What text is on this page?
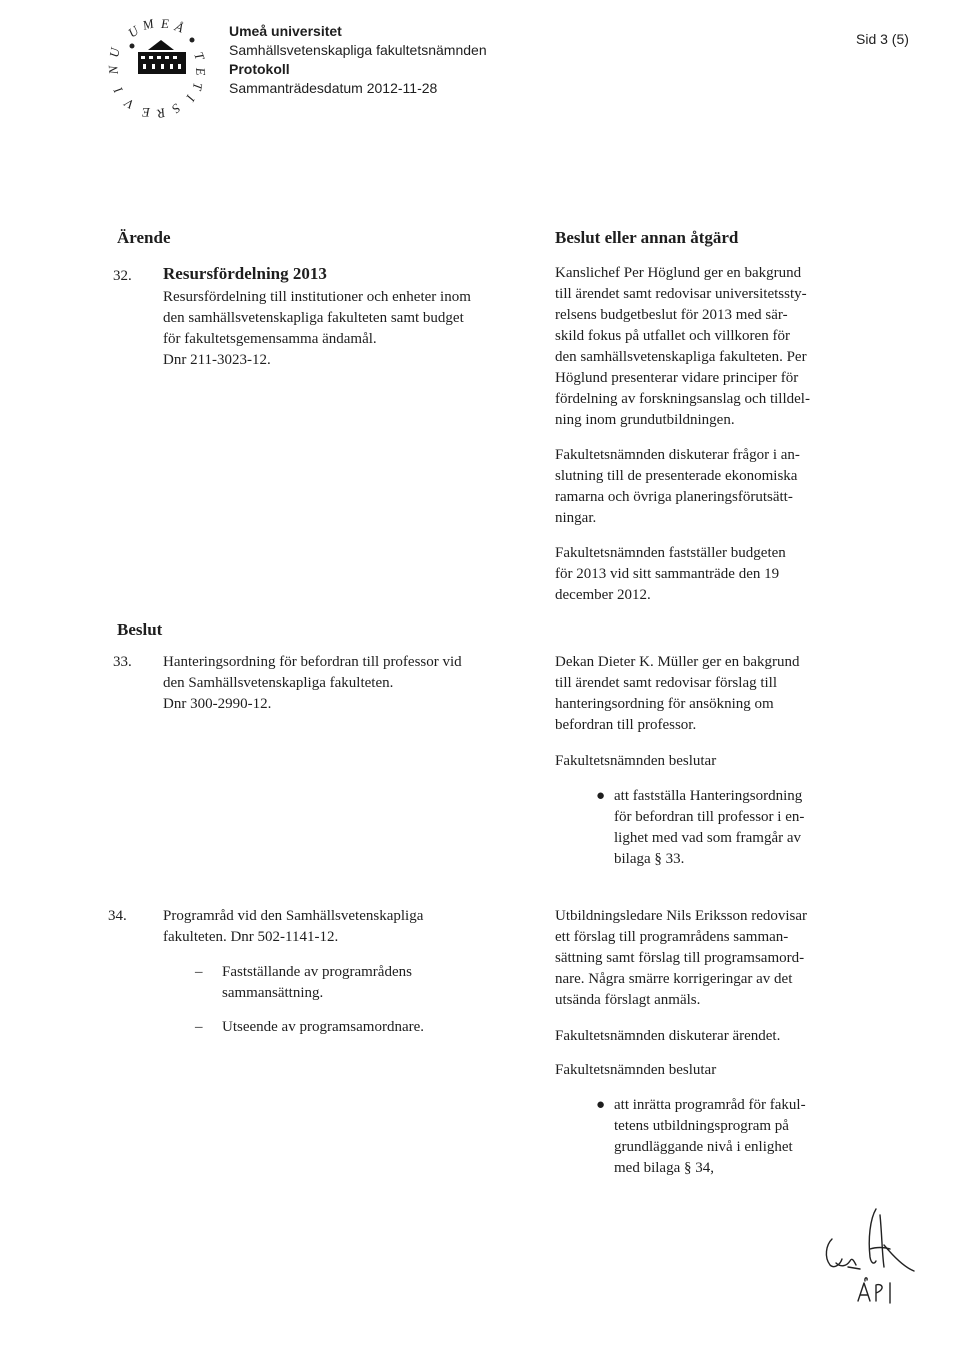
U M E Å
U
N
I
V
E R S
I
T
E
T
Umeå universitet
Samhällsvetenskapliga fakultetsnämnden
Protokoll
Sammanträdesdatum 2012-11-28
Sid 3 (5)
Ärende	Beslut eller annan åtgärd
32. Resursfördelning 2013
Resursfördelning till institutioner och enheter inom
den samhällsvetenskapliga fakulteten samt budget
för fakultetsgemensamma ändamål.
Dnr 211-3023-12.
Kanslichef Per Höglund ger en bakgrund
till ärendet samt redovisar universitetssty-
relsens budgetbeslut för 2013 med sär-
skild fokus på utfallet och villkoren för
den samhällsvetenskapliga fakulteten. Per
Höglund presenterar vidare principer för
fördelning av forskningsanslag och tilldel-
ning inom grundutbildningen.
Fakultetsnämnden diskuterar frågor i an-
slutning till de presenterade ekonomiska
ramarna och övriga planeringsförutsätt-
ningar.
Fakultetsnämnden fastställer budgeten
för 2013 vid sitt sammanträde den 19
december 2012.
Beslut
33. Hanteringsordning för befordran till professor vid
den Samhällsvetenskapliga fakulteten.
Dnr 300-2990-12.
Dekan Dieter K. Müller ger en bakgrund
till ärendet samt redovisar förslag till
hanteringsordning för ansökning om
befordran till professor.
Fakultetsnämnden beslutar
● att fastställa Hanteringsordning
för befordran till professor i en-
lighet med vad som framgår av
bilaga § 33.
34. Programråd vid den Samhällsvetenskapliga
fakulteten. Dnr 502-1141-12.
– Fastställande av programrådens
sammansättning.
– Utseende av programsamordnare.
Utbildningsledare Nils Eriksson redovisar
ett förslag till programrådens samman-
sättning samt förslag till programsamord-
nare. Några smärre korrigeringar av det
utsända förslagt anmäls.
Fakultetsnämnden diskuterar ärendet.
Fakultetsnämnden beslutar
● att inrätta programråd för fakul-
tetens utbildningsprogram på
grundläggande nivå i enlighet
med bilaga § 34,
